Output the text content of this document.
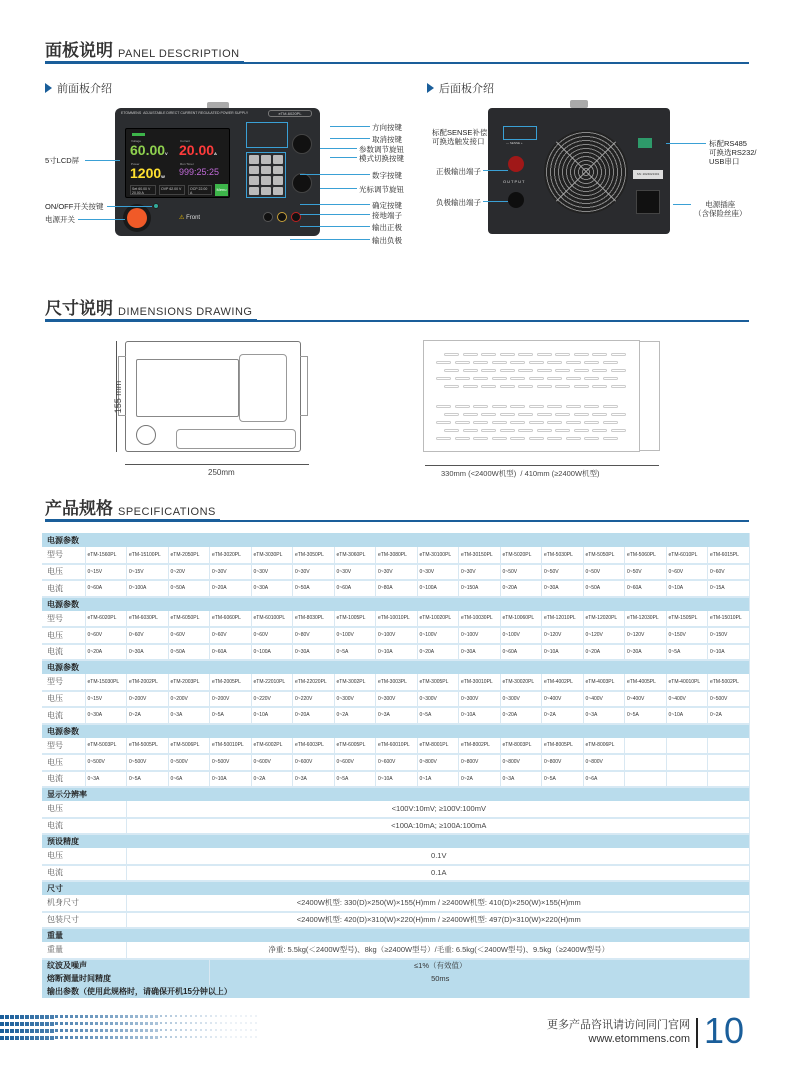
面板说明 PANEL DESCRIPTION
前面板介绍	后面板介绍
ETOMMENS ADJUSTABLE DIRECT CURRENT REGULATED POWER SUPPLY	eTM-6020PL
Voltage
60.00V
Current
20.00A
Power
1200W
Run Timer
999:25:25
Set 60.00 V 20.00 A
OVP 62.00 V	OCP 22.00 A
Menu
⚠ Front
5寸LCD屏
ON/OFF开关按键
电源开关
方向按键
取消按键
参数调节旋钮
模式切换按键
数字按键
光标调节旋钮
确定按键
接地端子
输出正极
输出负极
— SENSE +
OUTPUT
SN: 2024021301
标配SENSE补偿
可换选触发接口
正极输出端子
负极输出端子
标配RS485
可换选RS232/
USB串口
电源插座
（含保险丝座）
尺寸说明 DIMENSIONS DRAWING
155 mm
250mm	330mm (<2400W机型)  / 410mm (≥2400W机型)
产品规格 SPECIFICATIONS
电源参数																
型号	eTM-1560PL	eTM-15100PL	eTM-2050PL	eTM-3020PL	eTM-3030PL	eTM-3050PL	eTM-3060PL	eTM-3080PL	eTM-30100PL	eTM-30150PL	eTM-5020PL	eTM-5030PL	eTM-5050PL	eTM-5060PL	eTM-6010PL	eTM-6015PL
电压	0~15V	0~15V	0~20V	0~30V	0~30V	0~30V	0~30V	0~30V	0~30V	0~30V	0~50V	0~50V	0~50V	0~50V	0~60V	0~60V
电流	0~60A	0~100A	0~50A	0~20A	0~30A	0~50A	0~60A	0~80A	0~100A	0~150A	0~20A	0~30A	0~50A	0~60A	0~10A	0~15A
电源参数																
型号	eTM-6020PL	eTM-6030PL	eTM-6050PL	eTM-6060PL	eTM-60100PL	eTM-8030PL	eTM-1005PL	eTM-10010PL	eTM-10020PL	eTM-10030PL	eTM-10060PL	eTM-12010PL	eTM-12020PL	eTM-12030PL	eTM-1505PL	eTM-15010PL
电压	0~60V	0~60V	0~60V	0~60V	0~60V	0~80V	0~100V	0~100V	0~100V	0~100V	0~100V	0~120V	0~120V	0~120V	0~150V	0~150V
电流	0~20A	0~30A	0~50A	0~60A	0~100A	0~30A	0~5A	0~10A	0~20A	0~30A	0~60A	0~10A	0~20A	0~30A	0~5A	0~10A
电源参数																
型号	eTM-15030PL	eTM-2002PL	eTM-2003PL	eTM-2005PL	eTM-22010PL	eTM-22020PL	eTM-3002PL	eTM-3003PL	eTM-3005PL	eTM-30010PL	eTM-30020PL	eTM-4002PL	eTM-4003PL	eTM-4005PL	eTM-40010PL	eTM-5002PL
电压	0~15V	0~200V	0~200V	0~200V	0~220V	0~220V	0~300V	0~300V	0~300V	0~300V	0~300V	0~400V	0~400V	0~400V	0~400V	0~500V
电流	0~30A	0~2A	0~3A	0~5A	0~10A	0~20A	0~2A	0~3A	0~5A	0~10A	0~20A	0~2A	0~3A	0~5A	0~10A	0~2A
电源参数																
型号	eTM-5003PL	eTM-5005PL	eTM-5006PL	eTM-50010PL	eTM-6002PL	eTM-6003PL	eTM-6005PL	eTM-60010PL	eTM-8001PL	eTM-8002PL	eTM-8003PL	eTM-8005PL	eTM-8006PL			
电压	0~500V	0~500V	0~500V	0~500V	0~600V	0~600V	0~600V	0~600V	0~800V	0~800V	0~800V	0~800V	0~800V			
电流	0~3A	0~5A	0~6A	0~10A	0~2A	0~3A	0~5A	0~10A	0~1A	0~2A	0~3A	0~5A	0~6A			
显示分辨率																
电压		<100V:10mV; ≥100V:100mV														
电流		<100A:10mA; ≥100A:100mA														
预设精度																
电压		0.1V														
电流		0.1A														
尺寸																
机身尺寸		<2400W机型: 330(D)×250(W)×155(H)mm / ≥2400W机型: 410(D)×250(W)×155(H)mm														
包装尺寸		<2400W机型: 420(D)×310(W)×220(H)mm / ≥2400W机型: 497(D)×310(W)×220(H)mm														
重量																
重量		净重: 5.5kg(＜2400W型号)、8kg（≥2400W型号）/毛重: 6.5kg(＜2400W型号)、9.5kg（≥2400W型号）														
纹波及噪声				≤1%（有效值）												
熔断测量时间精度				50ms												
输出参数（使用此规格时，请确保开机15分钟以上）																
更多产品咨讯请访问同门官网
www.etommens.com 10
